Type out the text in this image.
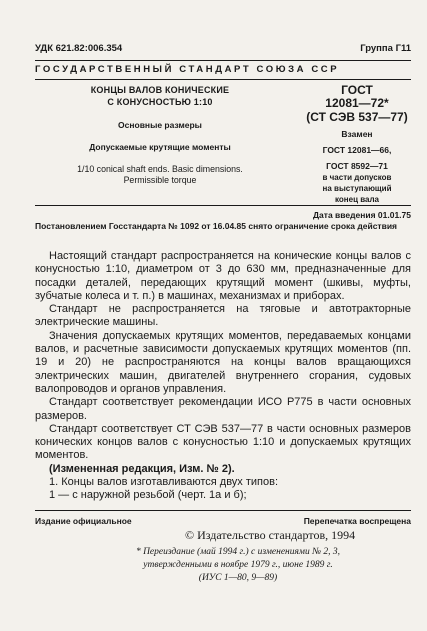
УДК 621.82:006.354	Группа Г11
ГОСУДАРСТВЕННЫЙ СТАНДАРТ СОЮЗА ССР
КОНЦЫ ВАЛОВ КОНИЧЕСКИЕ
С КОНУСНОСТЬЮ 1:10
Основные размеры
Допускаемые крутящие моменты
1/10 conical shaft ends. Basic dimensions.
Permissible torque
ГОСТ
12081—72*
(СТ СЭВ 537—77)
Взамен
ГОСТ 12081—66,
ГОСТ 8592—71
в части допусков
на выступающий
конец вала
Дата введения 01.01.75
Постановлением Госстандарта № 1092 от 16.04.85 снято ограничение срока действия

Настоящий стандарт распространяется на конические концы валов с конусностью 1:10, диаметром от 3 до 630 мм, предназначенные для посадки деталей, передающих крутящий момент (шкивы, муфты, зубчатые колеса и т. п.) в машинах, механизмах и приборах.

Стандарт не распространяется на тяговые и автотракторные электрические машины.

Значения допускаемых крутящих моментов, передаваемых концами валов, и расчетные зависимости допускаемых крутящих моментов (пп. 19 и 20) не распространяются на концы валов вращающихся электрических машин, двигателей внутреннего сгорания, судовых валопроводов и органов управления.

Стандарт соответствует рекомендации ИСО Р775 в части основных размеров.

Стандарт соответствует СТ СЭВ 537—77 в части основных размеров конических концов валов с конусностью 1:10 и допускаемых крутящих моментов.

(Измененная редакция, Изм. № 2).

1. Концы валов изготавливаются двух типов:

1 — с наружной резьбой (черт. 1а и б);

Издание официальное	Перепечатка воспрещена
© Издательство стандартов, 1994
* Переиздание (май 1994 г.) с изменениями № 2, 3,
утвержденными в ноябре 1979 г., июне 1989 г.
(ИУС 1—80, 9—89)
